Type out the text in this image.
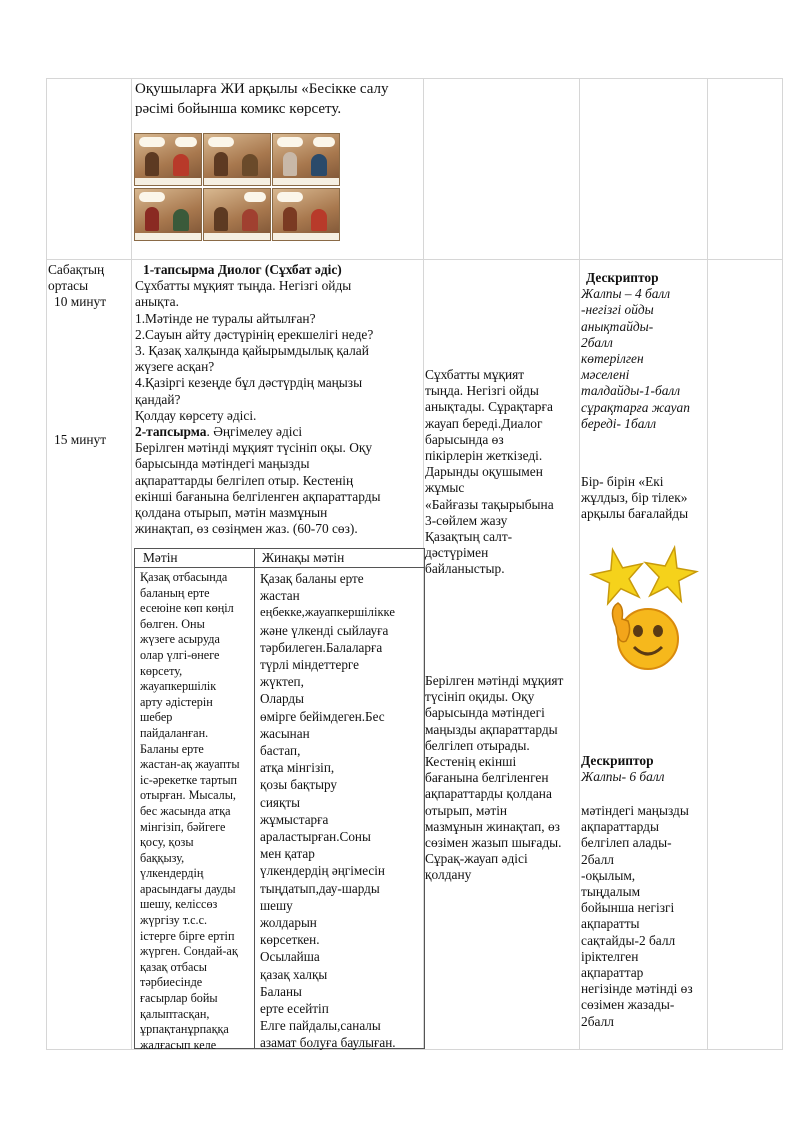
Оқушыларға ЖИ арқылы «Бесікке салу
рәсімі бойынша комикс көрсету.
Сабақтың
ортасы
10 минут
15 минут
1-тапсырма Диолог (Сұхбат әдіс)
Сұхбатты мұқият тыңда. Негізгі ойды
анықта.
1.Мәтінде не туралы айтылған?
2.Сауын айту дәстүрінің ерекшелігі неде?
3. Қазақ халқында қайырымдылық қалай
жүзеге асқан?
4.Қазіргі кезеңде бұл дәстүрдің маңызы
қандай?
Қолдау көрсету әдісі.
2-тапсырма. Әңгімелеу әдісі
Берілген мәтінді мұқият түсініп оқы. Оқу
барысында мәтіндегі маңызды
ақпараттарды белгілеп отыр. Кестенің
екінші бағанына белгіленген ақпараттарды
қолдана отырып, мәтін мазмұнын
жинақтап, өз сөзіңмен жаз. (60-70 сөз).
Мәтін	Жинақы мәтін
Қазақ отбасында
баланың ерте
есеюіне көп көңіл
бөлген. Оны
жүзеге асыруда
олар үлгі-өнеге
көрсету,
жауапкершілік
арту әдістерін
шебер
пайдаланған.
Баланы ерте
жастан-ақ жауапты
іс-әрекетке тартып
отырған. Мысалы,
бес жасында атқа
мінгізіп, бәйгеге
қосу, қозы
баққызу,
үлкендердің
арасындағы дауды
шешу, келіссөз
жүргізу т.с.с.
істерге бірге ертіп
жүрген. Сондай-ақ
қазақ отбасы
тәрбиесінде
ғасырлар бойы
қалыптасқан,
ұрпақтанұрпаққа
жалғасып келе
Қазақ баланы ерте
жастан
еңбекке,жауапкершілікке
және үлкенді сыйлауға
тәрбилеген.Балаларға
түрлі міндеттерге
жүктеп,
Оларды
өмірге бейімдеген.Бес
жасынан
бастап,
атқа мінгізіп,
қозы бақтыру
сияқты
жұмыстарға
араластырған.Соны
мен қатар
үлкендердің әңгімесін
тыңдатып,дау-шарды
шешу
жолдарын
көрсеткен.
Осылайша
қазақ халқы
Баланы
ерте есейтіп
Елге пайдалы,саналы
азамат болуға баулыған.
Сұхбатты мұқият
тыңда. Негізгі ойды
анықтады. Сұрақтарға
жауап береді.Диалог
барысында өз
пікірлерін жеткізеді.
Дарынды оқушымен
жұмыс
«Байғазы тақырыбына
3-сөйлем жазу
Қазақтың салт-
дәстүрімен
байланыстыр.
Берілген мәтінді мұқият
түсініп оқиды. Оқу
барысында мәтіндегі
маңызды ақпараттарды
белгілеп отырады.
Кестенің екінші
бағанына белгіленген
ақпараттарды қолдана
отырып, мәтін
мазмұнын жинақтап, өз
сөзімен жазып шығады.
Сұрақ-жауап әдісі
қолдану
Дескриптор
Жалпы – 4 балл
-негізгі ойды
анықтайды-
2балл
көтерілген
мәселені
талдайды-1-балл
сұрақтарға жауап
береді- 1балл
Бір- бірін «Екі
жұлдыз, бір тілек»
арқылы бағалайды
Дескриптор
Жалпы- 6 балл
мәтіндегі маңызды
ақпараттарды
белгілеп алады-
2балл
-оқылым,
тыңдалым
бойынша негізгі
ақпаратты
сақтайды-2 балл
іріктелген
ақпараттар
негізінде мәтінді өз
сөзімен жазады-
2балл
